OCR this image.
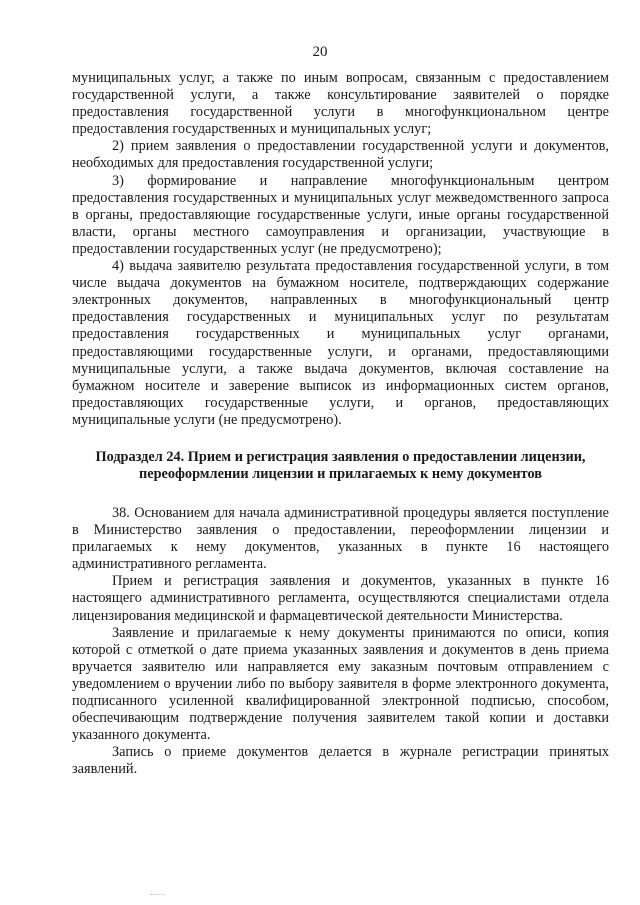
20

муниципальных услуг, а также по иным вопросам, связанным с предоставлением государственной услуги, а также консультирование заявителей о порядке предоставления государственной услуги в многофункциональном центре предоставления государственных и муниципальных услуг;

2) прием заявления о предоставлении государственной услуги и документов, необходимых для предоставления государственной услуги;

3) формирование и направление многофункциональным центром предоставления государственных и муниципальных услуг межведомственного запроса в органы, предоставляющие государственные услуги, иные органы государственной власти, органы местного самоуправления и организации, участвующие в предоставлении государственных услуг (не предусмотрено);

4) выдача заявителю результата предоставления государственной услуги, в том числе выдача документов на бумажном носителе, подтверждающих содержание электронных документов, направленных в многофункциональный центр предоставления государственных и муниципальных услуг по результатам предоставления государственных и муниципальных услуг органами, предоставляющими государственные услуги, и органами, предоставляющими муниципальные услуги, а также выдача документов, включая составление на бумажном носителе и заверение выписок из информационных систем органов, предоставляющих государственные услуги, и органов, предоставляющих муниципальные услуги (не предусмотрено).

Подраздел 24. Прием и регистрация заявления о предоставлении лицензии,
переоформлении лицензии и прилагаемых к нему документов

38. Основанием для начала административной процедуры является поступление в Министерство заявления о предоставлении, переоформлении лицензии и прилагаемых к нему документов, указанных в пункте 16 настоящего административного регламента.

Прием и регистрация заявления и документов, указанных в пункте 16 настоящего административного регламента, осуществляются специалистами отдела лицензирования медицинской и фармацевтической деятельности Министерства.

Заявление и прилагаемые к нему документы принимаются по описи, копия которой с отметкой о дате приема указанных заявления и документов в день приема вручается заявителю или направляется ему заказным почтовым отправлением с уведомлением о вручении либо по выбору заявителя в форме электронного документа, подписанного усиленной квалифицированной электронной подписью, способом, обеспечивающим подтверждение получения заявителем такой копии и доставки указанного документа.

Запись о приеме документов делается в журнале регистрации принятых заявлений.
